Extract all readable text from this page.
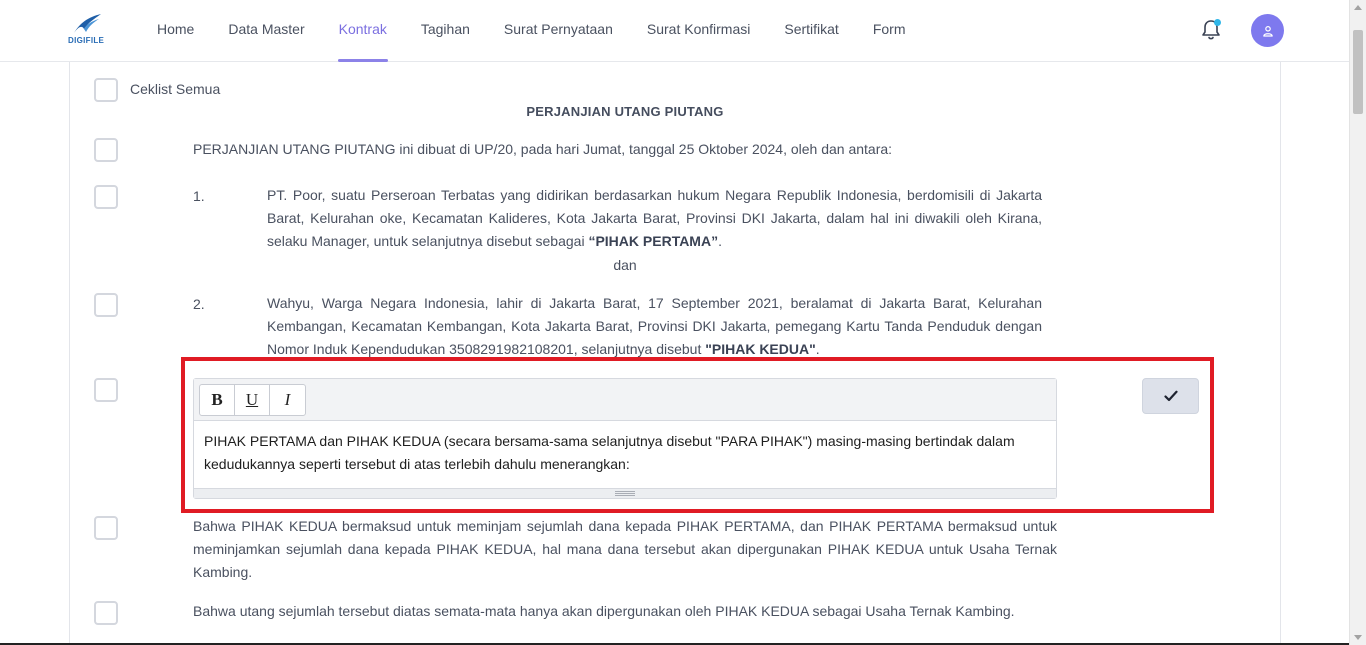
DIGIFILE
Home	Data Master	Kontrak	Tagihan	Surat Pernyataan	Surat Konfirmasi	Sertifikat	Form
Ceklist Semua
PERJANJIAN UTANG PIUTANG
PERJANJIAN UTANG PIUTANG ini dibuat di UP/20, pada hari Jumat, tanggal 25 Oktober 2024, oleh dan antara:
1.	PT. Poor, suatu Perseroan Terbatas yang didirikan berdasarkan hukum Negara Republik Indonesia, berdomisili di Jakarta Barat, Kelurahan oke, Kecamatan Kalideres, Kota Jakarta Barat, Provinsi DKI Jakarta, dalam hal ini diwakili oleh Kirana, selaku Manager, untuk selanjutnya disebut sebagai “PIHAK PERTAMA”.
dan
2.	Wahyu, Warga Negara Indonesia, lahir di Jakarta Barat, 17 September 2021, beralamat di Jakarta Barat, Kelurahan Kembangan, Kecamatan Kembangan, Kota Jakarta Barat, Provinsi DKI Jakarta, pemegang Kartu Tanda Penduduk dengan Nomor Induk Kependudukan 3508291982108201, selanjutnya disebut "PIHAK KEDUA".
B	U	I
PIHAK PERTAMA dan PIHAK KEDUA (secara bersama-sama selanjutnya disebut "PARA PIHAK") masing-masing bertindak dalam kedudukannya seperti tersebut di atas terlebih dahulu menerangkan:
Bahwa PIHAK KEDUA bermaksud untuk meminjam sejumlah dana kepada PIHAK PERTAMA, dan PIHAK PERTAMA bermaksud untuk meminjamkan sejumlah dana kepada PIHAK KEDUA, hal mana dana tersebut akan dipergunakan PIHAK KEDUA untuk Usaha Ternak Kambing.
Bahwa utang sejumlah tersebut diatas semata-mata hanya akan dipergunakan oleh PIHAK KEDUA sebagai Usaha Ternak Kambing.
